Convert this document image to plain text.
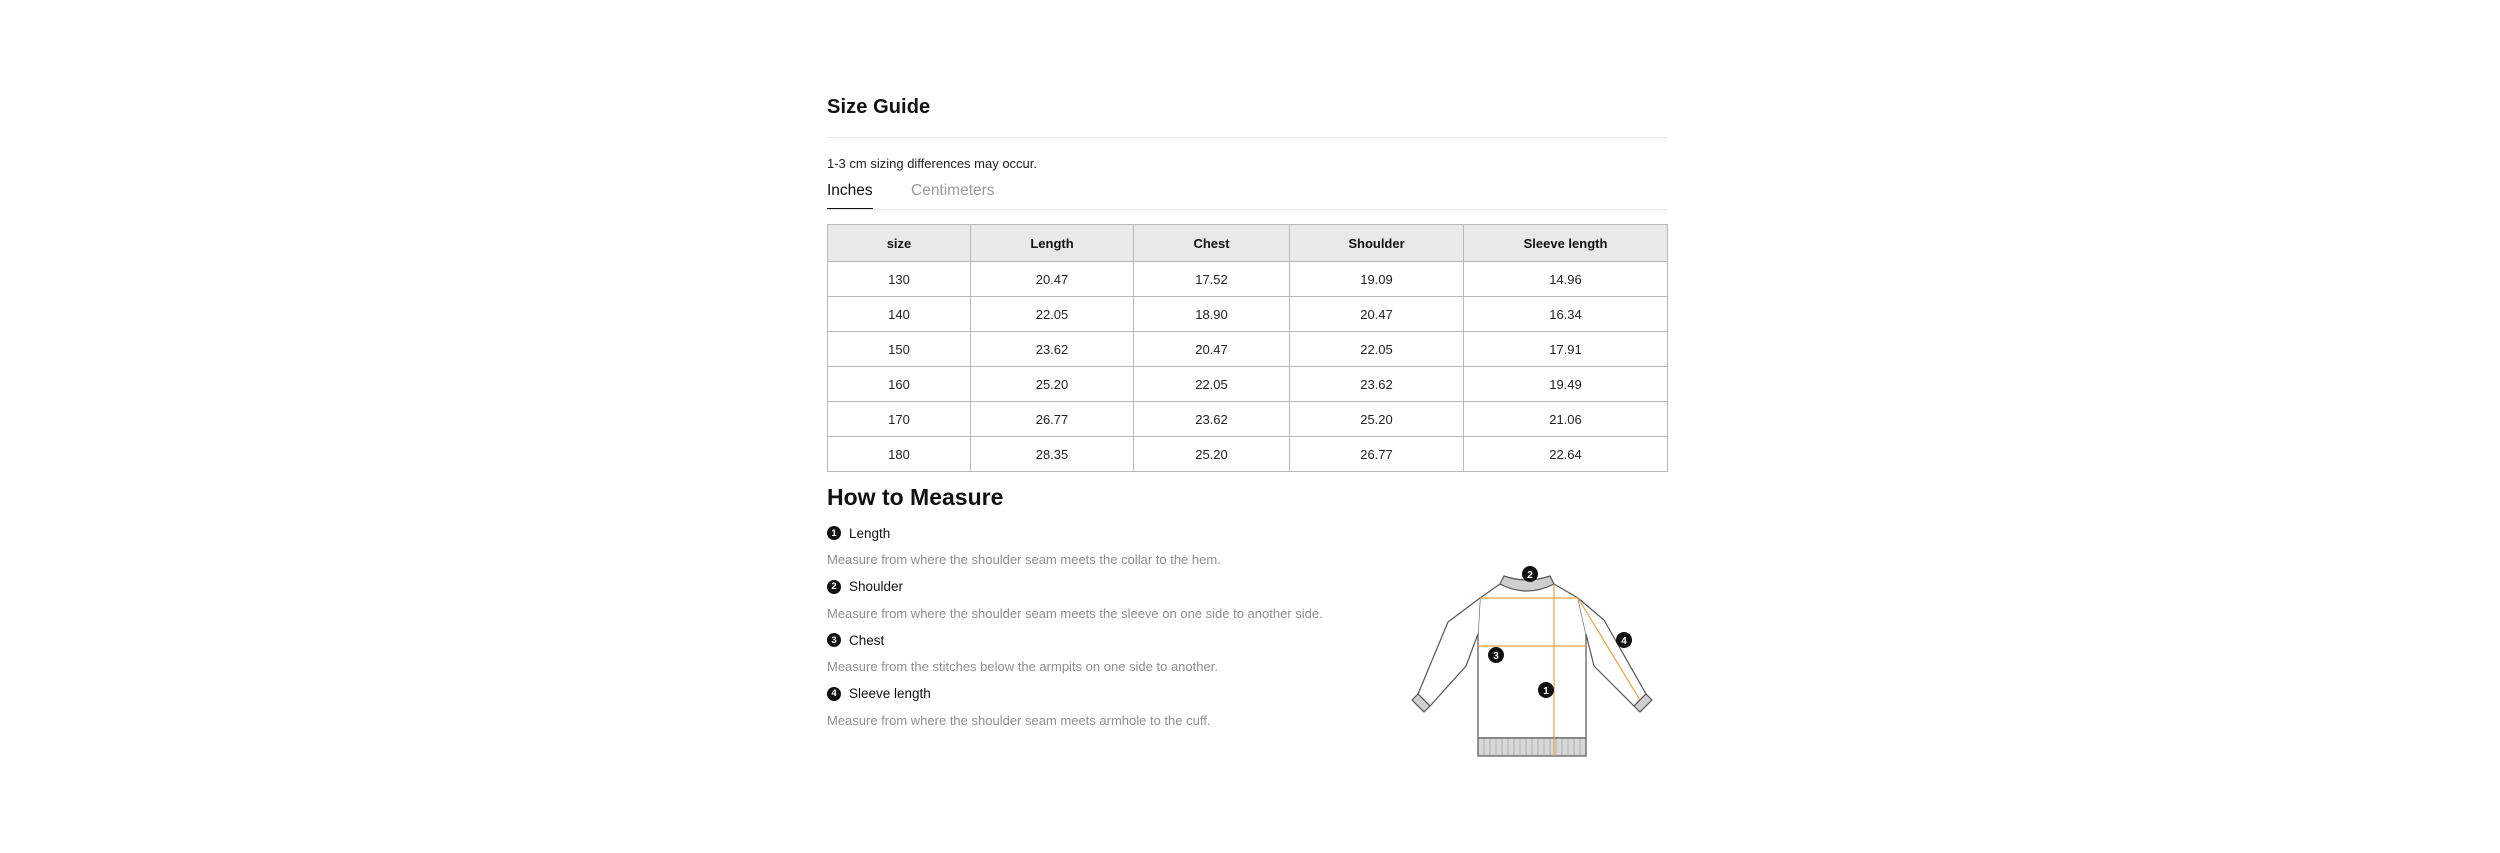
Size Guide
1-3 cm sizing differences may occur.
Inches Centimeters
size	Length	Chest	Shoulder	Sleeve length
130	20.47	17.52	19.09	14.96
140	22.05	18.90	20.47	16.34
150	23.62	20.47	22.05	17.91
160	25.20	22.05	23.62	19.49
170	26.77	23.62	25.20	21.06
180	28.35	25.20	26.77	22.64
How to Measure
1 Length
Measure from where the shoulder seam meets the collar to the hem.
2 Shoulder
Measure from where the shoulder seam meets the sleeve on one side to another side.
3 Chest
Measure from the stitches below the armpits on one side to another.
4 Sleeve length
Measure from where the shoulder seam meets armhole to the cuff.
2
3
1
4
